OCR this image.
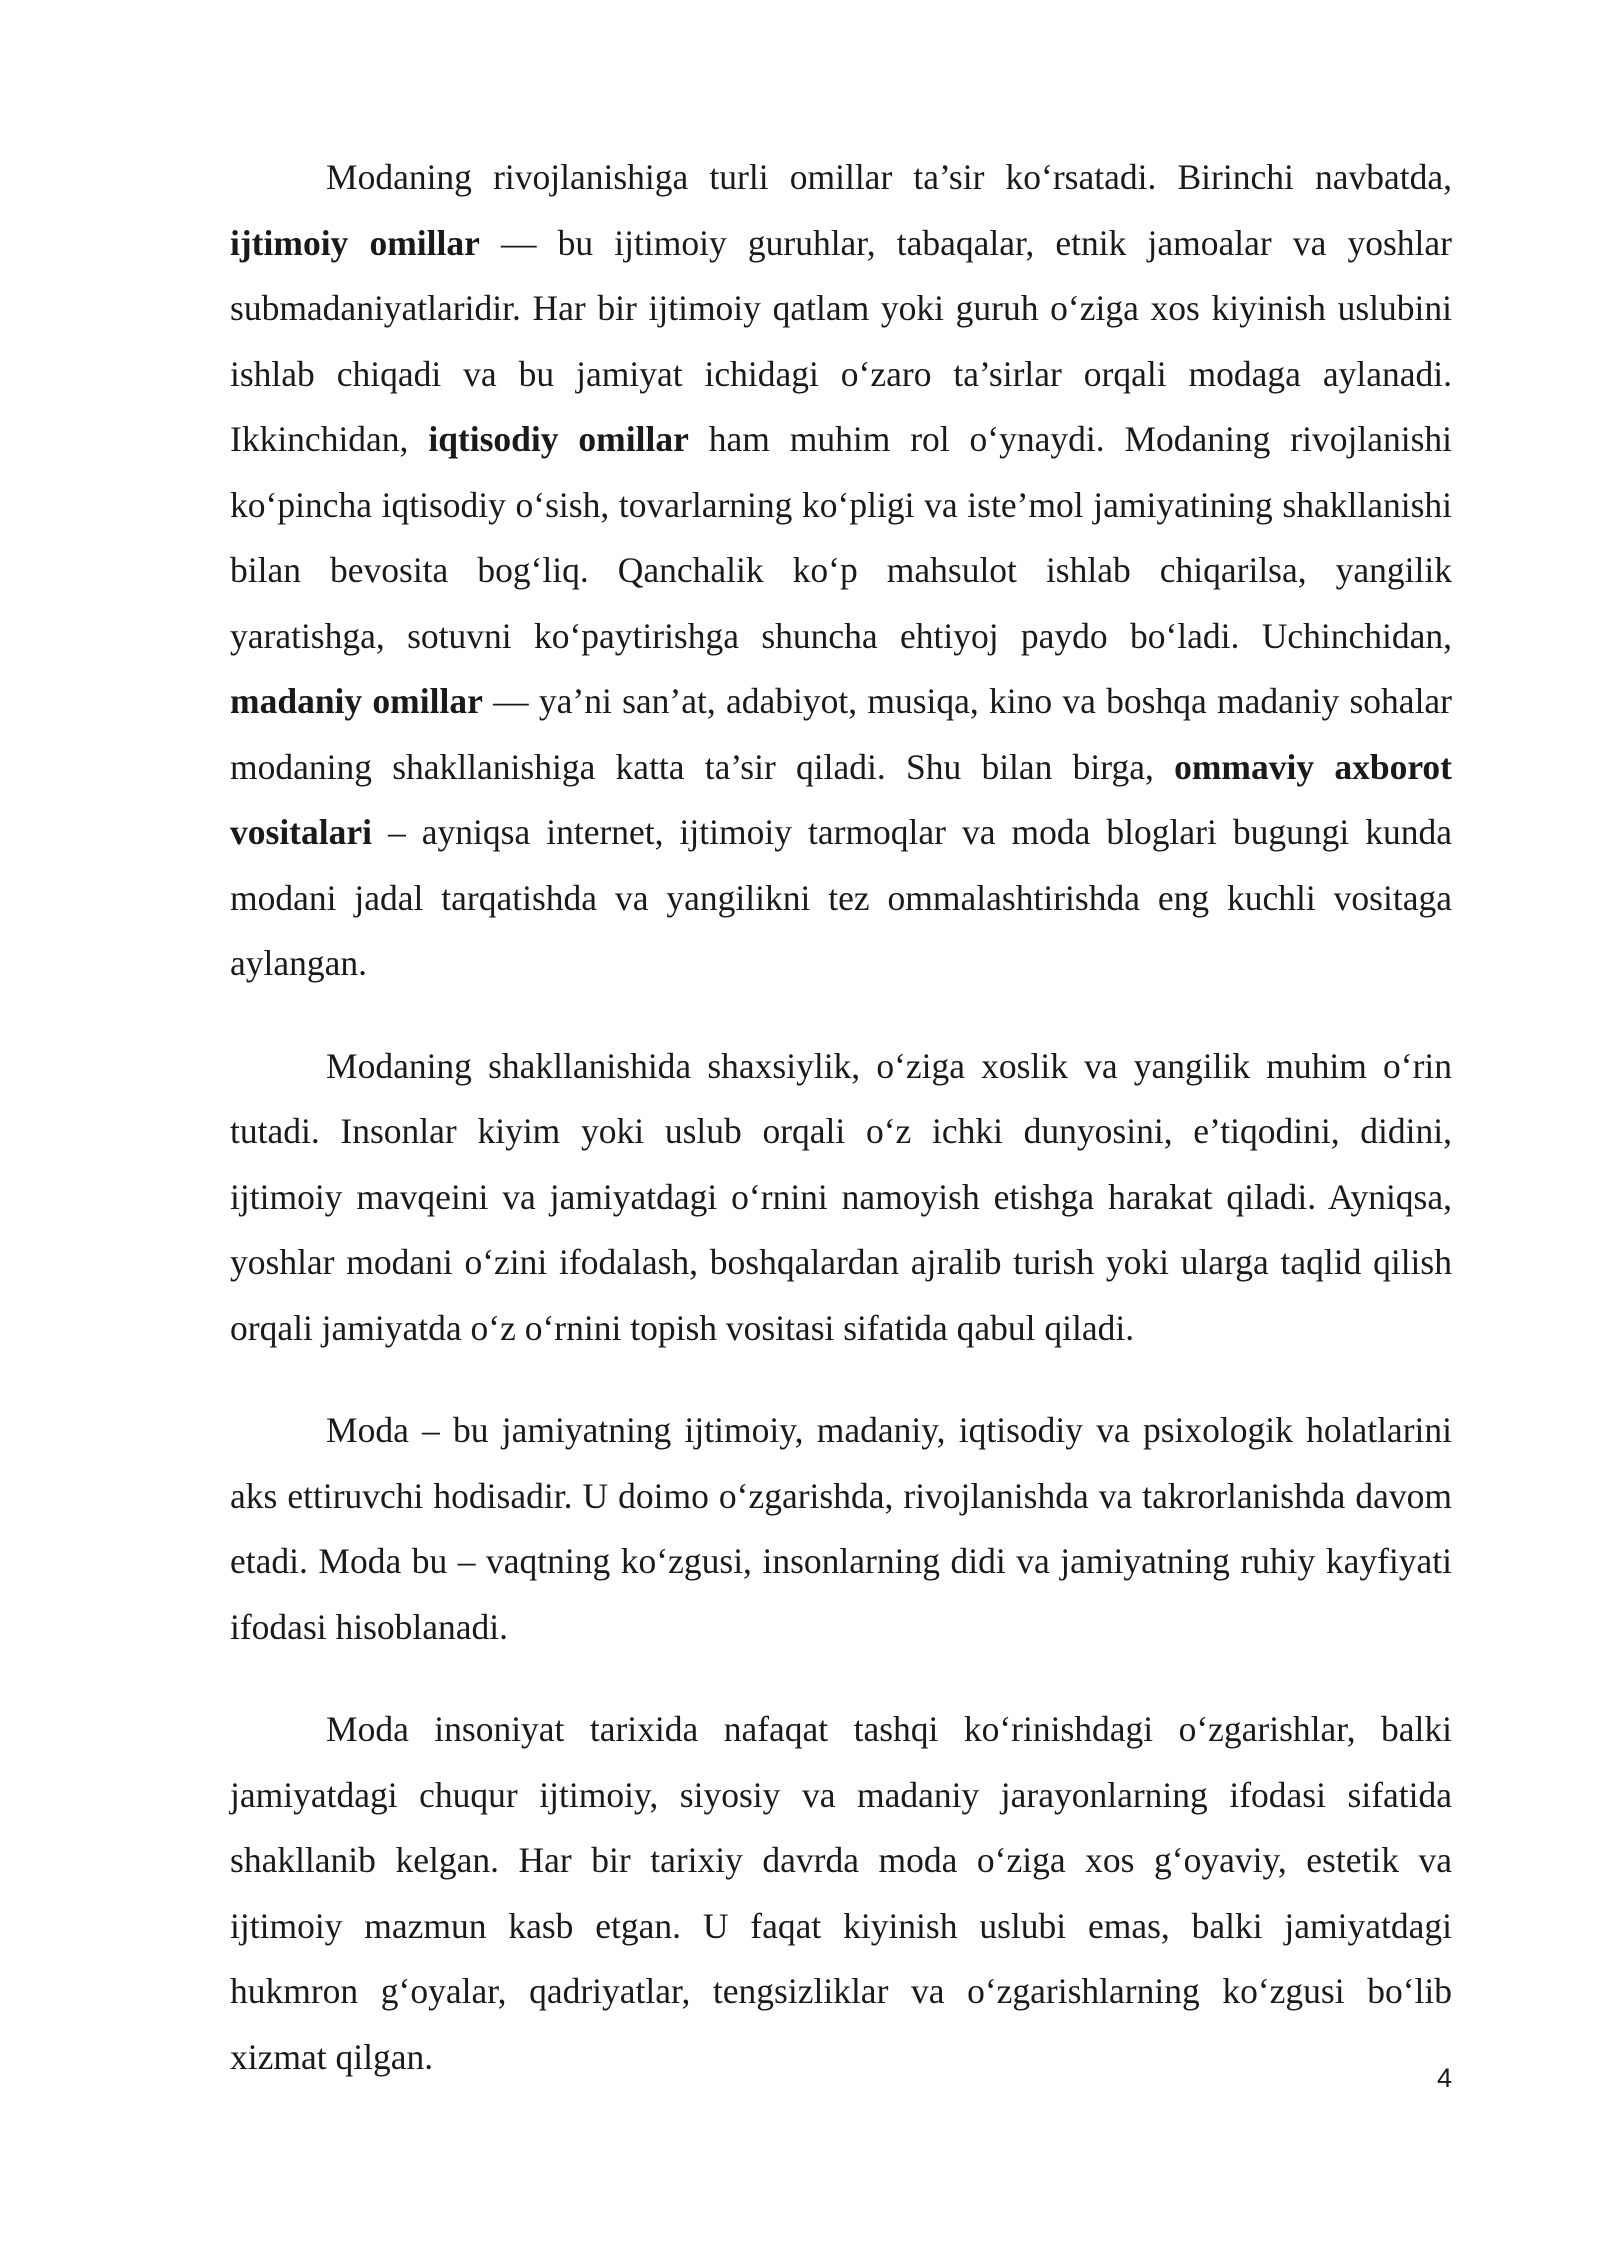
Modaning rivojlanishiga turli omillar ta’sir ko‘rsatadi. Birinchi navbatda, ijtimoiy omillar — bu ijtimoiy guruhlar, tabaqalar, etnik jamoalar va yoshlar submadaniyatlaridir. Har bir ijtimoiy qatlam yoki guruh o‘ziga xos kiyinish uslubini ishlab chiqadi va bu jamiyat ichidagi o‘zaro ta’sirlar orqali modaga aylanadi. Ikkinchidan, iqtisodiy omillar ham muhim rol o‘ynaydi. Modaning rivojlanishi ko‘pincha iqtisodiy o‘sish, tovarlarning ko‘pligi va iste’mol jamiyatining shakllanishi bilan bevosita bog‘liq. Qanchalik ko‘p mahsulot ishlab chiqarilsa, yangilik yaratishga, sotuvni ko‘paytirishga shuncha ehtiyoj paydo bo‘ladi. Uchinchidan, madaniy omillar — ya’ni san’at, adabiyot, musiqa, kino va boshqa madaniy sohalar modaning shakllanishiga katta ta’sir qiladi. Shu bilan birga, ommaviy axborot vositalari – ayniqsa internet, ijtimoiy tarmoqlar va moda bloglari bugungi kunda modani jadal tarqatishda va yangilikni tez ommalashtirishda eng kuchli vositaga aylangan.

Modaning shakllanishida shaxsiylik, o‘ziga xoslik va yangilik muhim o‘rin tutadi. Insonlar kiyim yoki uslub orqali o‘z ichki dunyosini, e’tiqodini, didini, ijtimoiy mavqeini va jamiyatdagi o‘rnini namoyish etishga harakat qiladi. Ayniqsa, yoshlar modani o‘zini ifodalash, boshqalardan ajralib turish yoki ularga taqlid qilish orqali jamiyatda o‘z o‘rnini topish vositasi sifatida qabul qiladi.

Moda – bu jamiyatning ijtimoiy, madaniy, iqtisodiy va psixologik holatlarini aks ettiruvchi hodisadir. U doimo o‘zgarishda, rivojlanishda va takrorlanishda davom etadi. Moda bu – vaqtning ko‘zgusi, insonlarning didi va jamiyatning ruhiy kayfiyati ifodasi hisoblanadi.

Moda insoniyat tarixida nafaqat tashqi ko‘rinishdagi o‘zgarishlar, balki jamiyatdagi chuqur ijtimoiy, siyosiy va madaniy jarayonlarning ifodasi sifatida shakllanib kelgan. Har bir tarixiy davrda moda o‘ziga xos g‘oyaviy, estetik va ijtimoiy mazmun kasb etgan. U faqat kiyinish uslubi emas, balki jamiyatdagi hukmron g‘oyalar, qadriyatlar, tengsizliklar va o‘zgarishlarning ko‘zgusi bo‘lib xizmat qilgan.

4
